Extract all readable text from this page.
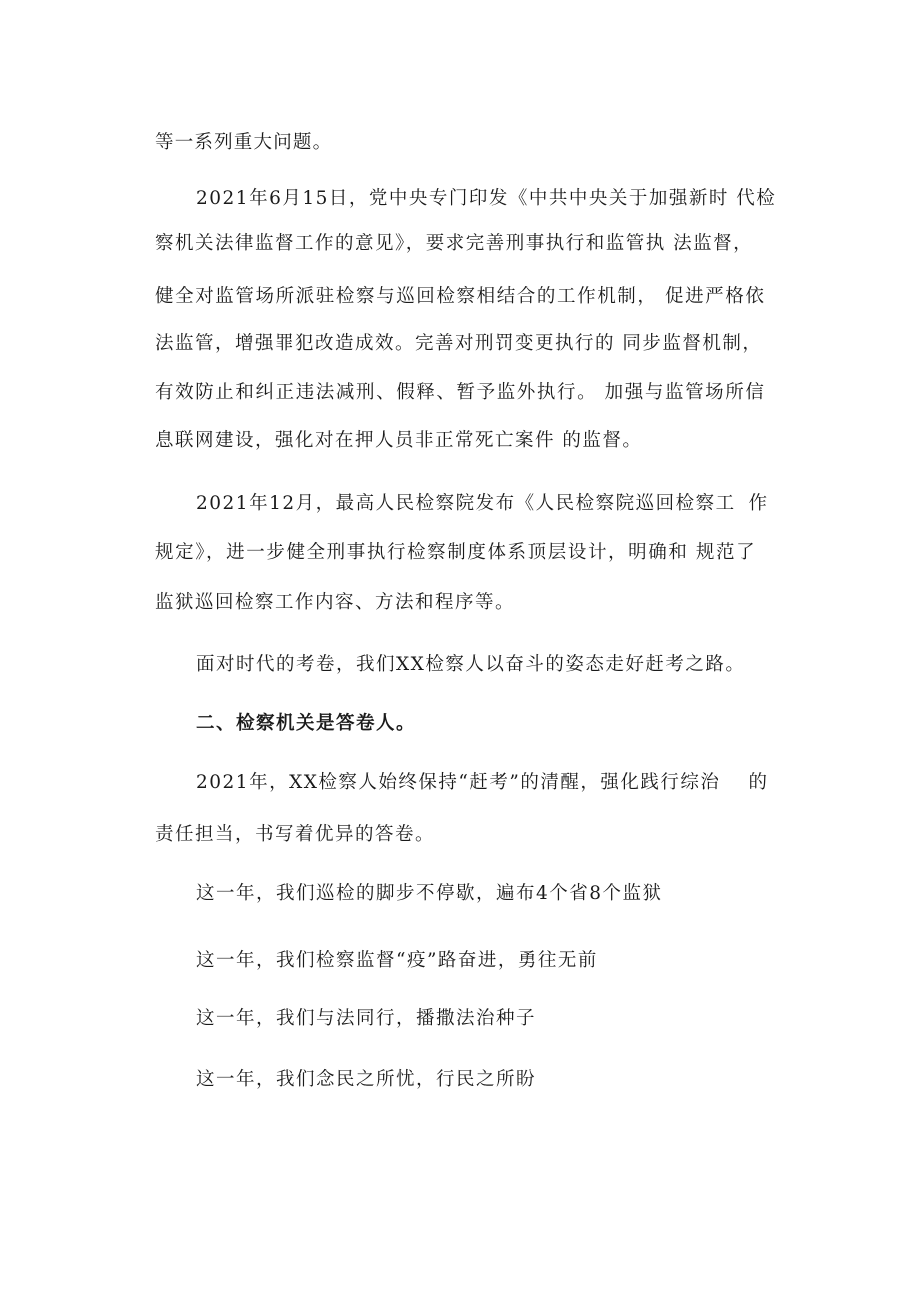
等一系列重大问题。
2021年6月15日，党中央专门印发《中共中央关于加强新时 代检
察机关法律监督工作的意见》，要求完善刑事执行和监管执 法监督，
健全对监管场所派驻检察与巡回检察相结合的工作机制， 促进严格依
法监管，增强罪犯改造成效。完善对刑罚变更执行的 同步监督机制，
有效防止和纠正违法减刑、假释、暂予监外执行。 加强与监管场所信
息联网建设，强化对在押人员非正常死亡案件 的监督。
2021年12月，最高人民检察院发布《人民检察院巡回检察工 作
规定》，进一步健全刑事执行检察制度体系顶层设计，明确和 规范了
监狱巡回检察工作内容、方法和程序等。
面对时代的考卷，我们XX检察人以奋斗的姿态走好赶考之路。
二、检察机关是答卷人。
2021年，XX检察人始终保持“赶考”的清醒，强化践行综治 的
责任担当，书写着优异的答卷。
这一年，我们巡检的脚步不停歇，遍布4个省8个监狱
这一年，我们检察监督“疫”路奋进，勇往无前
这一年，我们与法同行，播撒法治种子
这一年，我们念民之所忧，行民之所盼
